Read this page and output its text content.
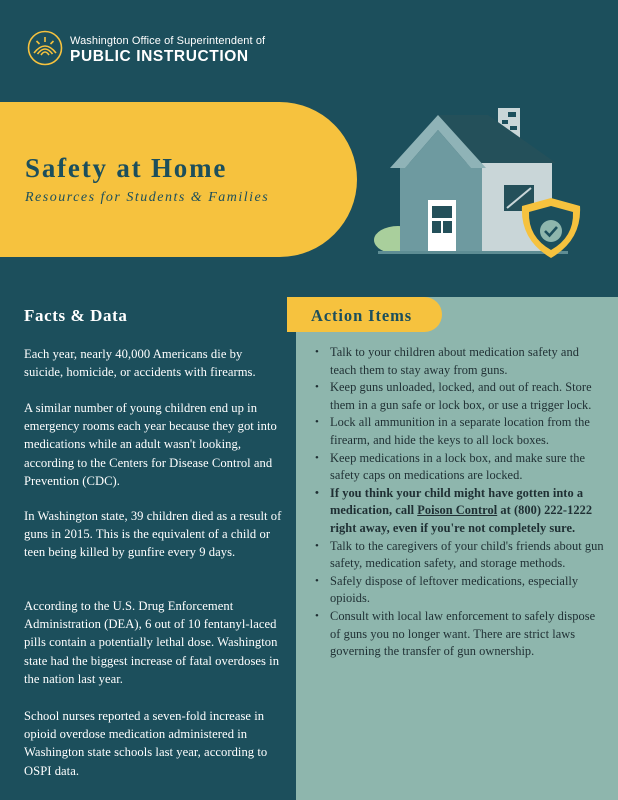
Washington Office of Superintendent of
PUBLIC INSTRUCTION
Safety at Home
Resources for Students & Families
Facts & Data
Each year, nearly 40,000 Americans die by suicide, homicide, or accidents with firearms.
A similar number of young children end up in emergency rooms each year because they got into medications while an adult wasn't looking, according to the Centers for Disease Control and Prevention (CDC).
In Washington state, 39 children died as a result of guns in 2015. This is the equivalent of a child or teen being killed by gunfire every 9 days.
According to the U.S. Drug Enforcement Administration (DEA), 6 out of 10 fentanyl-laced pills contain a potentially lethal dose. Washington state had the biggest increase of fatal overdoses in the nation last year.
School nurses reported a seven-fold increase in opioid overdose medication administered in Washington state schools last year, according to OSPI data.
Action Items
• Talk to your children about medication safety and teach them to stay away from guns.
• Keep guns unloaded, locked, and out of reach. Store them in a gun safe or lock box, or use a trigger lock.
• Lock all ammunition in a separate location from the firearm, and hide the keys to all lock boxes.
• Keep medications in a lock box, and make sure the safety caps on medications are locked.
• If you think your child might have gotten into a medication, call Poison Control at (800) 222-1222 right away, even if you're not completely sure.
• Talk to the caregivers of your child's friends about gun safety, medication safety, and storage methods.
• Safely dispose of leftover medications, especially opioids.
• Consult with local law enforcement to safely dispose of guns you no longer want. There are strict laws governing the transfer of gun ownership.
